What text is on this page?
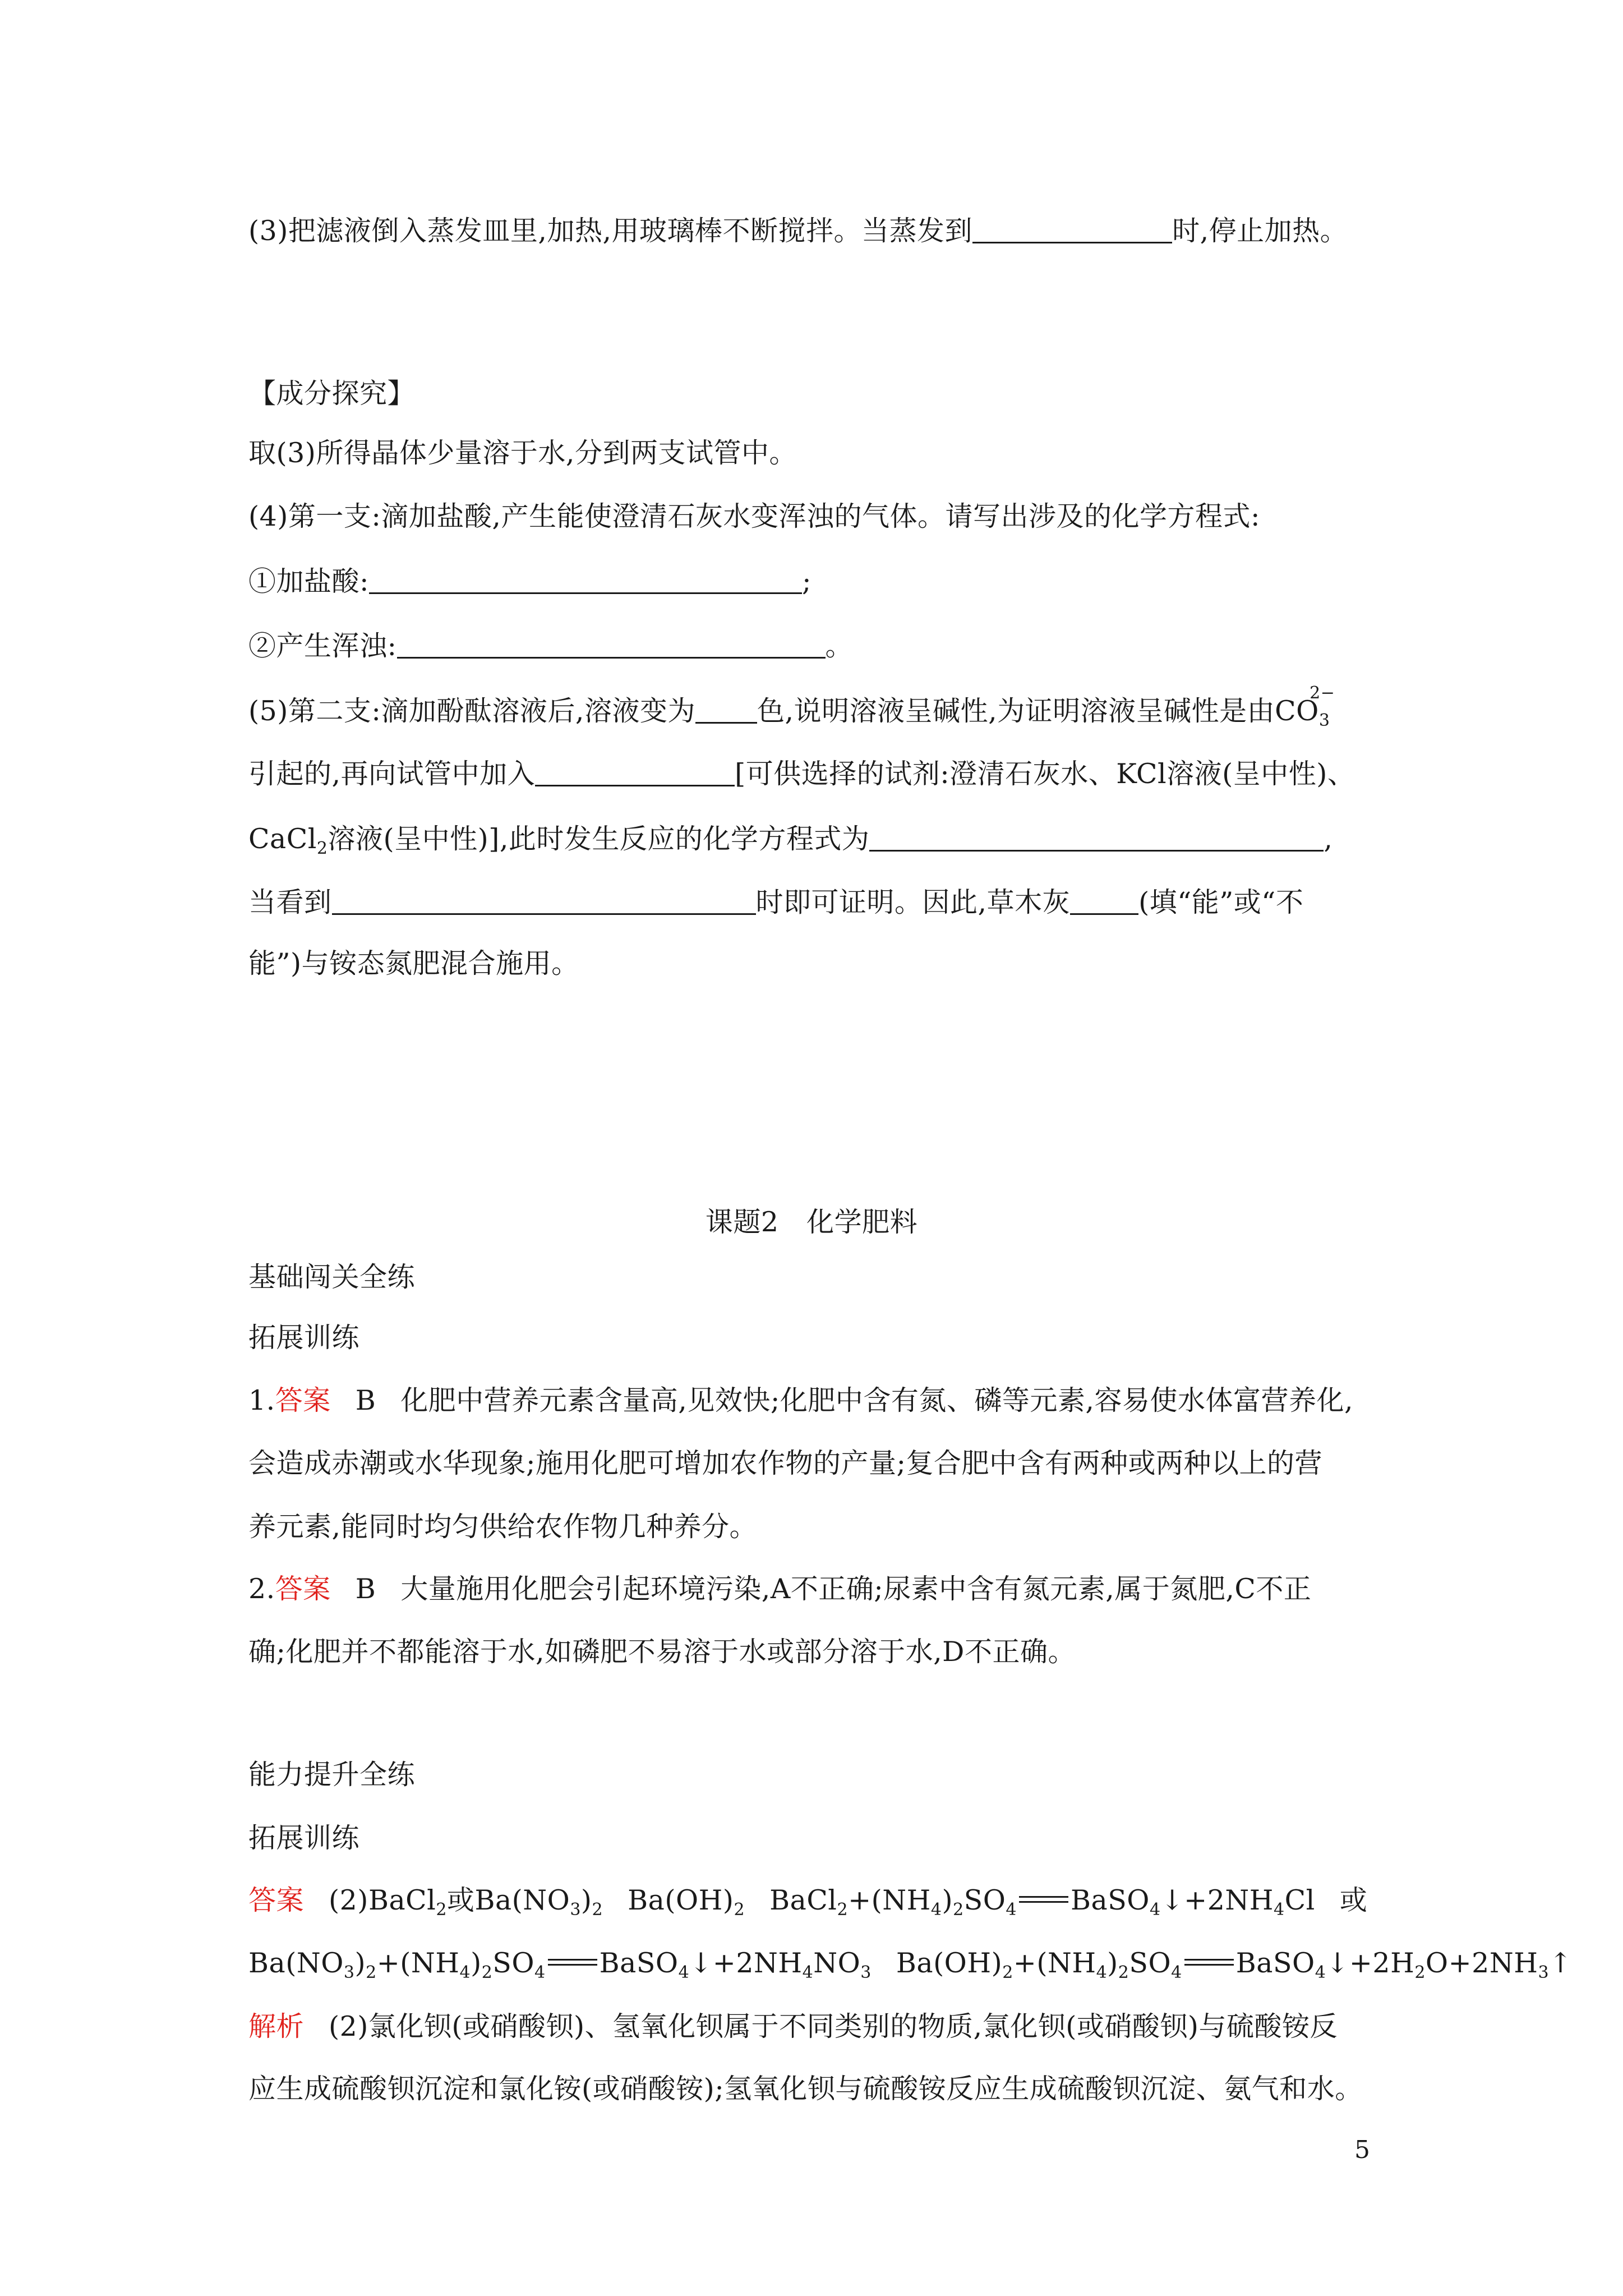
(3)把滤液倒入蒸发皿里,加热,用玻璃棒不断搅拌。当蒸发到	时,停止加热。
【成分探究】
取(3)所得晶体少量溶于水,分到两支试管中。
(4)第一支:滴加盐酸,产生能使澄清石灰水变浑浊的气体。请写出涉及的化学方程式:
①加盐酸:	;
②产生浑浊:	。
(5)第二支:滴加酚酞溶液后,溶液变为 色,说明溶液呈碱性,为证明溶液呈碱性是由$CO_3$
2−
引起的,再向试管中加入	[可供选择的试剂:澄清石灰水、KCl溶液(呈中性)、
CaCl$_2$溶液(呈中性)],此时发生反应的化学方程式为	,
当看到	时即可证明。因此,草木灰 (填“能”或“不
能”)与铵态氮肥混合施用。
课题2　化学肥料
基础闯关全练
拓展训练
1.答案 B 化肥中营养元素含量高,见效快;化肥中含有氮、磷等元素,容易使水体富营养化,
会造成赤潮或水华现象;施用化肥可增加农作物的产量;复合肥中含有两种或两种以上的营
养元素,能同时均匀供给农作物几种养分。
2.答案 B 大量施用化肥会引起环境污染,A不正确;尿素中含有氮元素,属于氮肥,C不正
确;化肥并不都能溶于水,如磷肥不易溶于水或部分溶于水,D不正确。
能力提升全练
拓展训练
答案 (2)BaCl$_2$或$Ba(NO_3)_2$ $Ba(OH)_2$ $BaCl_2+(NH_4)_2SO_4$ $BaSO_4↓+2NH_4Cl$ 或
$Ba(NO_3)_2+(NH_4)_2SO_4$ $BaSO_4↓+2NH_4NO_3$ $Ba(OH)_2+(NH_4)_2SO_4$ $BaSO_4↓+2H_2O+2NH_3↑$
解析 (2)氯化钡(或硝酸钡)、氢氧化钡属于不同类别的物质,氯化钡(或硝酸钡)与硫酸铵反
应生成硫酸钡沉淀和氯化铵(或硝酸铵);氢氧化钡与硫酸铵反应生成硫酸钡沉淀、氨气和水。
5
